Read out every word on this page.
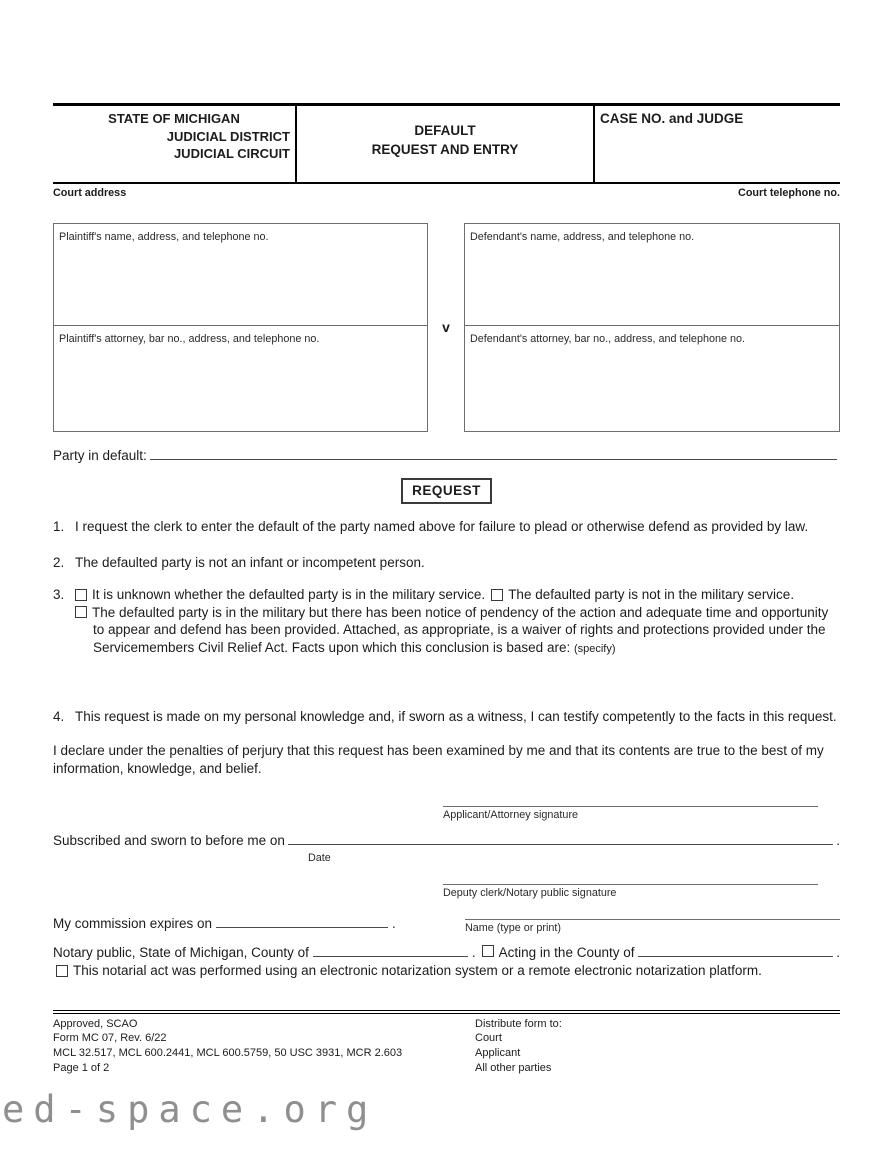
STATE OF MICHIGAN
JUDICIAL DISTRICT
JUDICIAL CIRCUIT
DEFAULT
REQUEST AND ENTRY
CASE NO. and JUDGE
Court address	Court telephone no.
Plaintiff's name, address, and telephone no.
Plaintiff's attorney, bar no., address, and telephone no.
v
Defendant's name, address, and telephone no.
Defendant's attorney, bar no., address, and telephone no.
Party in default:
REQUEST
1. I request the clerk to enter the default of the party named above for failure to plead or otherwise defend as provided by law.
2. The defaulted party is not an infant or incompetent person.
3. It is unknown whether the defaulted party is in the military service. The defaulted party is not in the military service.
The defaulted party is in the military but there has been notice of pendency of the action and adequate time and opportunity to appear and defend has been provided. Attached, as appropriate, is a waiver of rights and protections provided under the Servicemembers Civil Relief Act. Facts upon which this conclusion is based are: (specify)
4. This request is made on my personal knowledge and, if sworn as a witness, I can testify competently to the facts in this request.
I declare under the penalties of perjury that this request has been examined by me and that its contents are true to the best of my information, knowledge, and belief.
Applicant/Attorney signature
Subscribed and sworn to before me on	.
Date
Deputy clerk/Notary public signature
My commission expires on	.	Name (type or print)
Notary public, State of Michigan, County of	. Acting in the County of	.
This notarial act was performed using an electronic notarization system or a remote electronic notarization platform.
Approved, SCAO
Form MC 07, Rev. 6/22
MCL 32.517, MCL 600.2441, MCL 600.5759, 50 USC 3931, MCR 2.603
Page 1 of 2
Distribute form to:
Court
Applicant
All other parties
ed-space.org
